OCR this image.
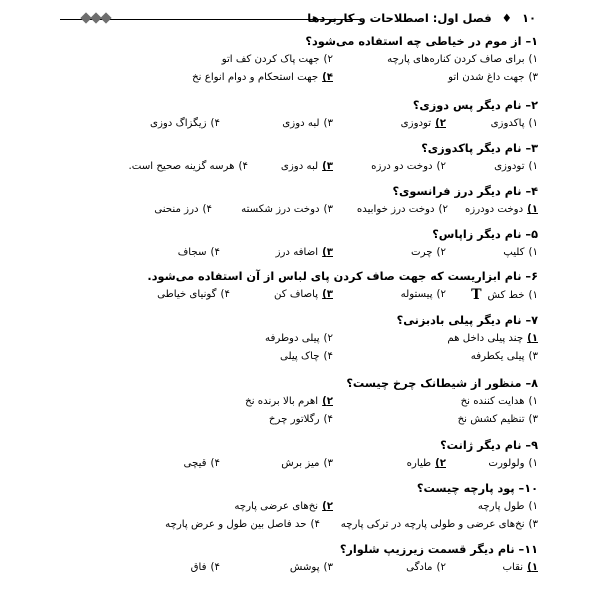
۱۰ ♦ فصل اول: اصطلاحات و کاربردها
۱– از موم در خیاطی چه استفاده می‌شود؟
۱)برای صاف کردن کناره‌های پارچه
۲)جهت پاک کردن کف اتو
۳)جهت داغ شدن اتو
۴)جهت استحکام و دوام انواع نخ
۲– نام دیگر پس دوزی؟
۱)پاکدوزی
۲)تودوزی
۳)لبه دوزی
۴)زیگزاگ دوزی
۳– نام دیگر پاکدوزی؟
۱)تودوزی
۲)دوخت دو درزه
۳)لبه دوزی
۴)هرسه گزینه صحیح است.
۴– نام دیگر درز فرانسوی؟
۱)دوخت دودرزه
۲)دوخت درز خوابیده
۳)دوخت درز شکسته
۴)درز منحنی
۵– نام دیگر زاپاس؟
۱)کلیپ
۲)چرت
۳)اضافه درز
۴)سجاف
۶– نام ابزاریست که جهت صاف کردن پای لباس از آن استفاده می‌شود.
۱)خط کشT
۲)پیستوله
۳)پاصاف کن
۴)گونیای خیاطی
۷– نام دیگر پیلی بادبزنی؟
۱)چند پیلی داخل هم
۲)پیلی دوطرفه
۳)پیلی یکطرفه
۴)چاک پیلی
۸– منظور از شیطانک چرخ چیست؟
۱)هدایت کننده نخ
۲)اهرم بالا برنده نخ
۳)تنظیم کشش نخ
۴)رگلاتور چرخ
۹– نام دیگر ژانت؟
۱)ولولورت
۲)طیاره
۳)میز برش
۴)قیچی
۱۰– پود پارچه چیست؟
۱)طول پارچه
۲)نخ‌های عرضی پارچه
۳)نخ‌های عرضی و طولی پارچه در ترکی پارچه
۴)حد فاصل بین طول و عرض پارچه
۱۱– نام دیگر قسمت زیرزیپ شلوار؟
۱)نقاب
۲)مادگی
۳)پوشش
۴)فاق
